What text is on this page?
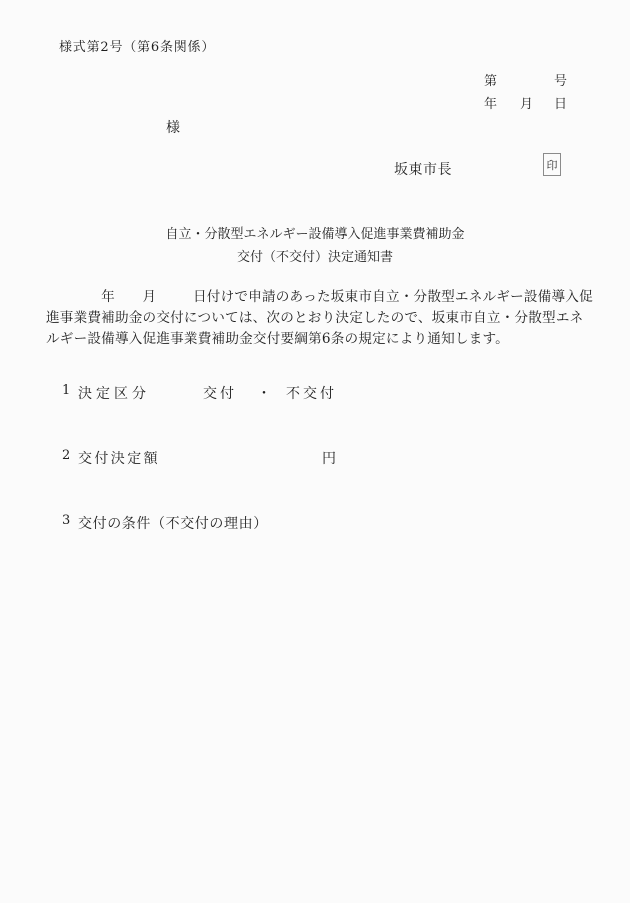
様式第2号（第6条関係）
第	号
年 月 日
様
坂東市長	印
自立・分散型エネルギー設備導入促進事業費補助金
交付（不交付）決定通知書
　　　　年　　月　　  日付けで申請のあった坂東市自立・分散型エネルギー設備導入促
進事業費補助金の交付については、次のとおり決定したので、坂東市自立・分散型エネ
ルギー設備導入促進事業費補助金交付要綱第6条の規定により通知します。
1 決定区分	交付 ・ 不交付
2 交付決定額	円
3 交付の条件（不交付の理由）
